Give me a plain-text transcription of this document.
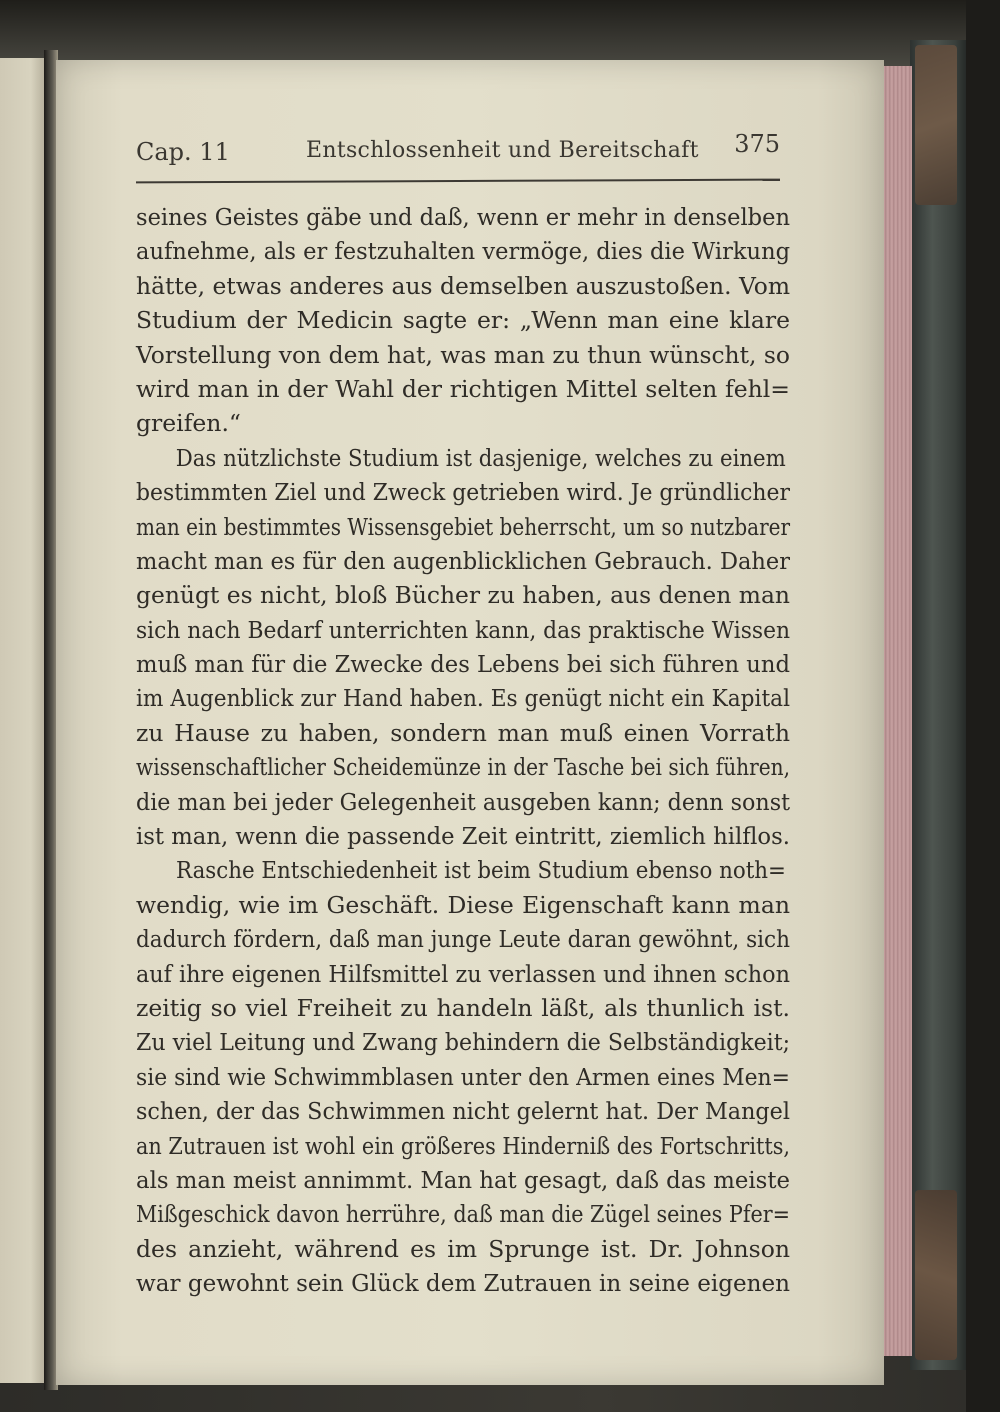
Cap. 11	Entschlossenheit und Bereitschaft 375
seines Geistes gäbe und daß, wenn er mehr in denselben
aufnehme, als er festzuhalten vermöge, dies die Wirkung
hätte, etwas anderes aus demselben auszustoßen. Vom
Studium der Medicin sagte er: „Wenn man eine klare
Vorstellung von dem hat, was man zu thun wünscht, so
wird man in der Wahl der richtigen Mittel selten fehl=
greifen.“
Das nützlichste Studium ist dasjenige, welches zu einem
bestimmten Ziel und Zweck getrieben wird. Je gründlicher
man ein bestimmtes Wissensgebiet beherrscht, um so nutzbarer
macht man es für den augenblicklichen Gebrauch. Daher
genügt es nicht, bloß Bücher zu haben, aus denen man
sich nach Bedarf unterrichten kann, das praktische Wissen
muß man für die Zwecke des Lebens bei sich führen und
im Augenblick zur Hand haben. Es genügt nicht ein Kapital
zu Hause zu haben, sondern man muß einen Vorrath
wissenschaftlicher Scheidemünze in der Tasche bei sich führen,
die man bei jeder Gelegenheit ausgeben kann; denn sonst
ist man, wenn die passende Zeit eintritt, ziemlich hilflos.
Rasche Entschiedenheit ist beim Studium ebenso noth=
wendig, wie im Geschäft. Diese Eigenschaft kann man
dadurch fördern, daß man junge Leute daran gewöhnt, sich
auf ihre eigenen Hilfsmittel zu verlassen und ihnen schon
zeitig so viel Freiheit zu handeln läßt, als thunlich ist.
Zu viel Leitung und Zwang behindern die Selbständigkeit;
sie sind wie Schwimmblasen unter den Armen eines Men=
schen, der das Schwimmen nicht gelernt hat. Der Mangel
an Zutrauen ist wohl ein größeres Hinderniß des Fortschritts,
als man meist annimmt. Man hat gesagt, daß das meiste
Mißgeschick davon herrühre, daß man die Zügel seines Pfer=
des anzieht, während es im Sprunge ist. Dr. Johnson
war gewohnt sein Glück dem Zutrauen in seine eigenen
